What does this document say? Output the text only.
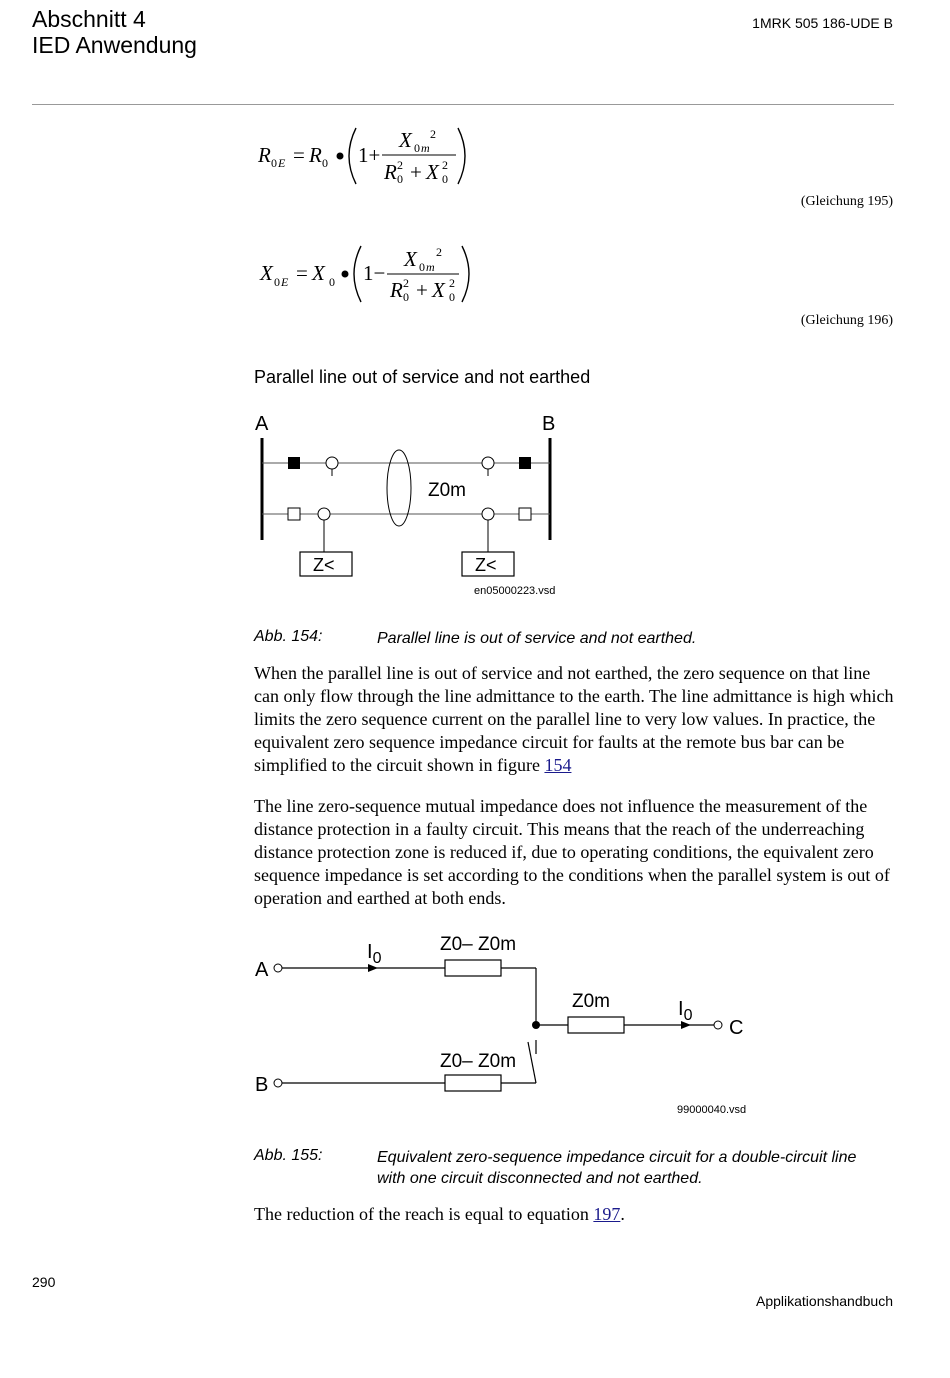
Abschnitt 4
IED Anwendung
1MRK 505 186-UDE B
R 0 E = R 0 1+
X 0 m
2
R 2
0 + X 2
0
(Gleichung 195)
X 0 E = X 0 1−
X 0 m
2
R 2
0 + X 2
0
(Gleichung 196)
Parallel line out of service and not earthed
A	B
Z0m
Z<	Z<
en05000223.vsd
Abb. 154:	Parallel line is out of service and not earthed.

When the parallel line is out of service and not earthed, the zero sequence on that line can only flow through the line admittance to the earth. The line admittance is high which limits the zero sequence current on the parallel line to very low values. In practice, the equivalent zero sequence impedance circuit for faults at the remote bus bar can be simplified to the circuit shown in figure 154

The line zero-sequence mutual impedance does not influence the measurement of the distance protection in a faulty circuit. This means that the reach of the underreaching distance protection zone is reduced if, due to operating conditions, the equivalent zero sequence impedance is set according to the conditions when the parallel system is out of operation and earthed at both ends.

A
$I_0$
Z0– Z0m
Z0m	$I_0$
C
Z0– Z0m
B
99000040.vsd
Abb. 155:	Equivalent zero-sequence impedance circuit for a double-circuit line with one circuit disconnected and not earthed.

The reduction of the reach is equal to equation 197.

290
Applikationshandbuch
